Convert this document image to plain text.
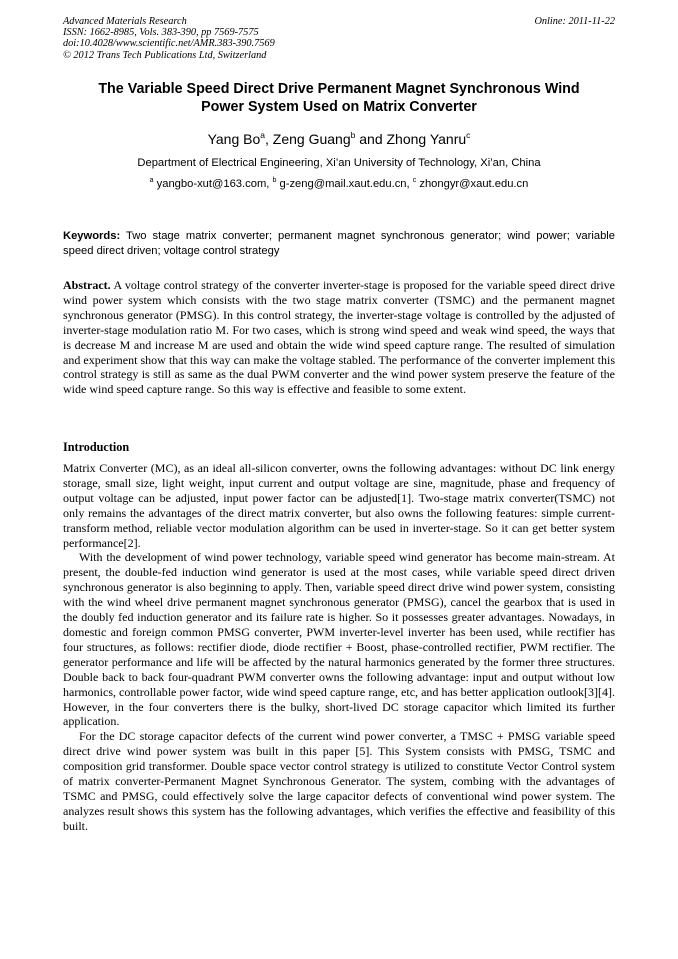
Advanced Materials Research
ISSN: 1662-8985, Vols. 383-390, pp 7569-7575
doi:10.4028/www.scientific.net/AMR.383-390.7569
© 2012 Trans Tech Publications Ltd, Switzerland
Online: 2011-11-22
The Variable Speed Direct Drive Permanent Magnet Synchronous Wind
Power System Used on Matrix Converter
Yang Bo$^a$, Zeng Guang$^b$ and Zhong Yanru$^c$
Department of Electrical Engineering, Xi’an University of Technology, Xi’an, China
$^a$ yangbo-xut@163.com, $^b$ g-zeng@mail.xaut.edu.cn, $^c$ zhongyr@xaut.edu.cn
Keywords: Two stage matrix converter; permanent magnet synchronous generator; wind power; variable speed direct driven; voltage control strategy
Abstract. A voltage control strategy of the converter inverter-stage is proposed for the variable speed direct drive wind power system which consists with the two stage matrix converter (TSMC) and the permanent magnet synchronous generator (PMSG). In this control strategy, the inverter-stage voltage is controlled by the adjusted of inverter-stage modulation ratio M. For two cases, which is strong wind speed and weak wind speed, the ways that is decrease M and increase M are used and obtain the wide wind speed capture range. The resulted of simulation and experiment show that this way can make the voltage stabled. The performance of the converter implement this control strategy is still as same as the dual PWM converter and the wind power system preserve the feature of the wide wind speed capture range. So this way is effective and feasible to some extent.
Introduction

Matrix Converter (MC), as an ideal all-silicon converter, owns the following advantages: without DC link energy storage, small size, light weight, input current and output voltage are sine, magnitude, phase and frequency of output voltage can be adjusted, input power factor can be adjusted[1]. Two-stage matrix converter(TSMC) not only remains the advantages of the direct matrix converter, but also owns the following features: simple current-transform method, reliable vector modulation algorithm can be used in inverter-stage. So it can get better system performance[2].

With the development of wind power technology, variable speed wind generator has become main-stream. At present, the double-fed induction wind generator is used at the most cases, while variable speed direct driven synchronous generator is also beginning to apply. Then, variable speed direct drive wind power system, consisting with the wind wheel drive permanent magnet synchronous generator (PMSG), cancel the gearbox that is used in the doubly fed induction generator and its failure rate is higher. So it possesses greater advantages. Nowadays, in domestic and foreign common PMSG converter, PWM inverter-level inverter has been used, while rectifier has four structures, as follows: rectifier diode, diode rectifier + Boost, phase-controlled rectifier, PWM rectifier. The generator performance and life will be affected by the natural harmonics generated by the former three structures. Double back to back four-quadrant PWM converter owns the following advantage: input and output without low harmonics, controllable power factor, wide wind speed capture range, etc, and has better application outlook[3][4]. However, in the four converters there is the bulky, short-lived DC storage capacitor which limited its further application.

For the DC storage capacitor defects of the current wind power converter, a TMSC + PMSG variable speed direct drive wind power system was built in this paper [5]. This System consists with PMSG, TSMC and composition grid transformer. Double space vector control strategy is utilized to constitute Vector Control system of matrix converter-Permanent Magnet Synchronous Generator. The system, combing with the advantages of TSMC and PMSG, could effectively solve the large capacitor defects of conventional wind power system. The analyzes result shows this system has the following advantages, which verifies the effective and feasibility of this built.
